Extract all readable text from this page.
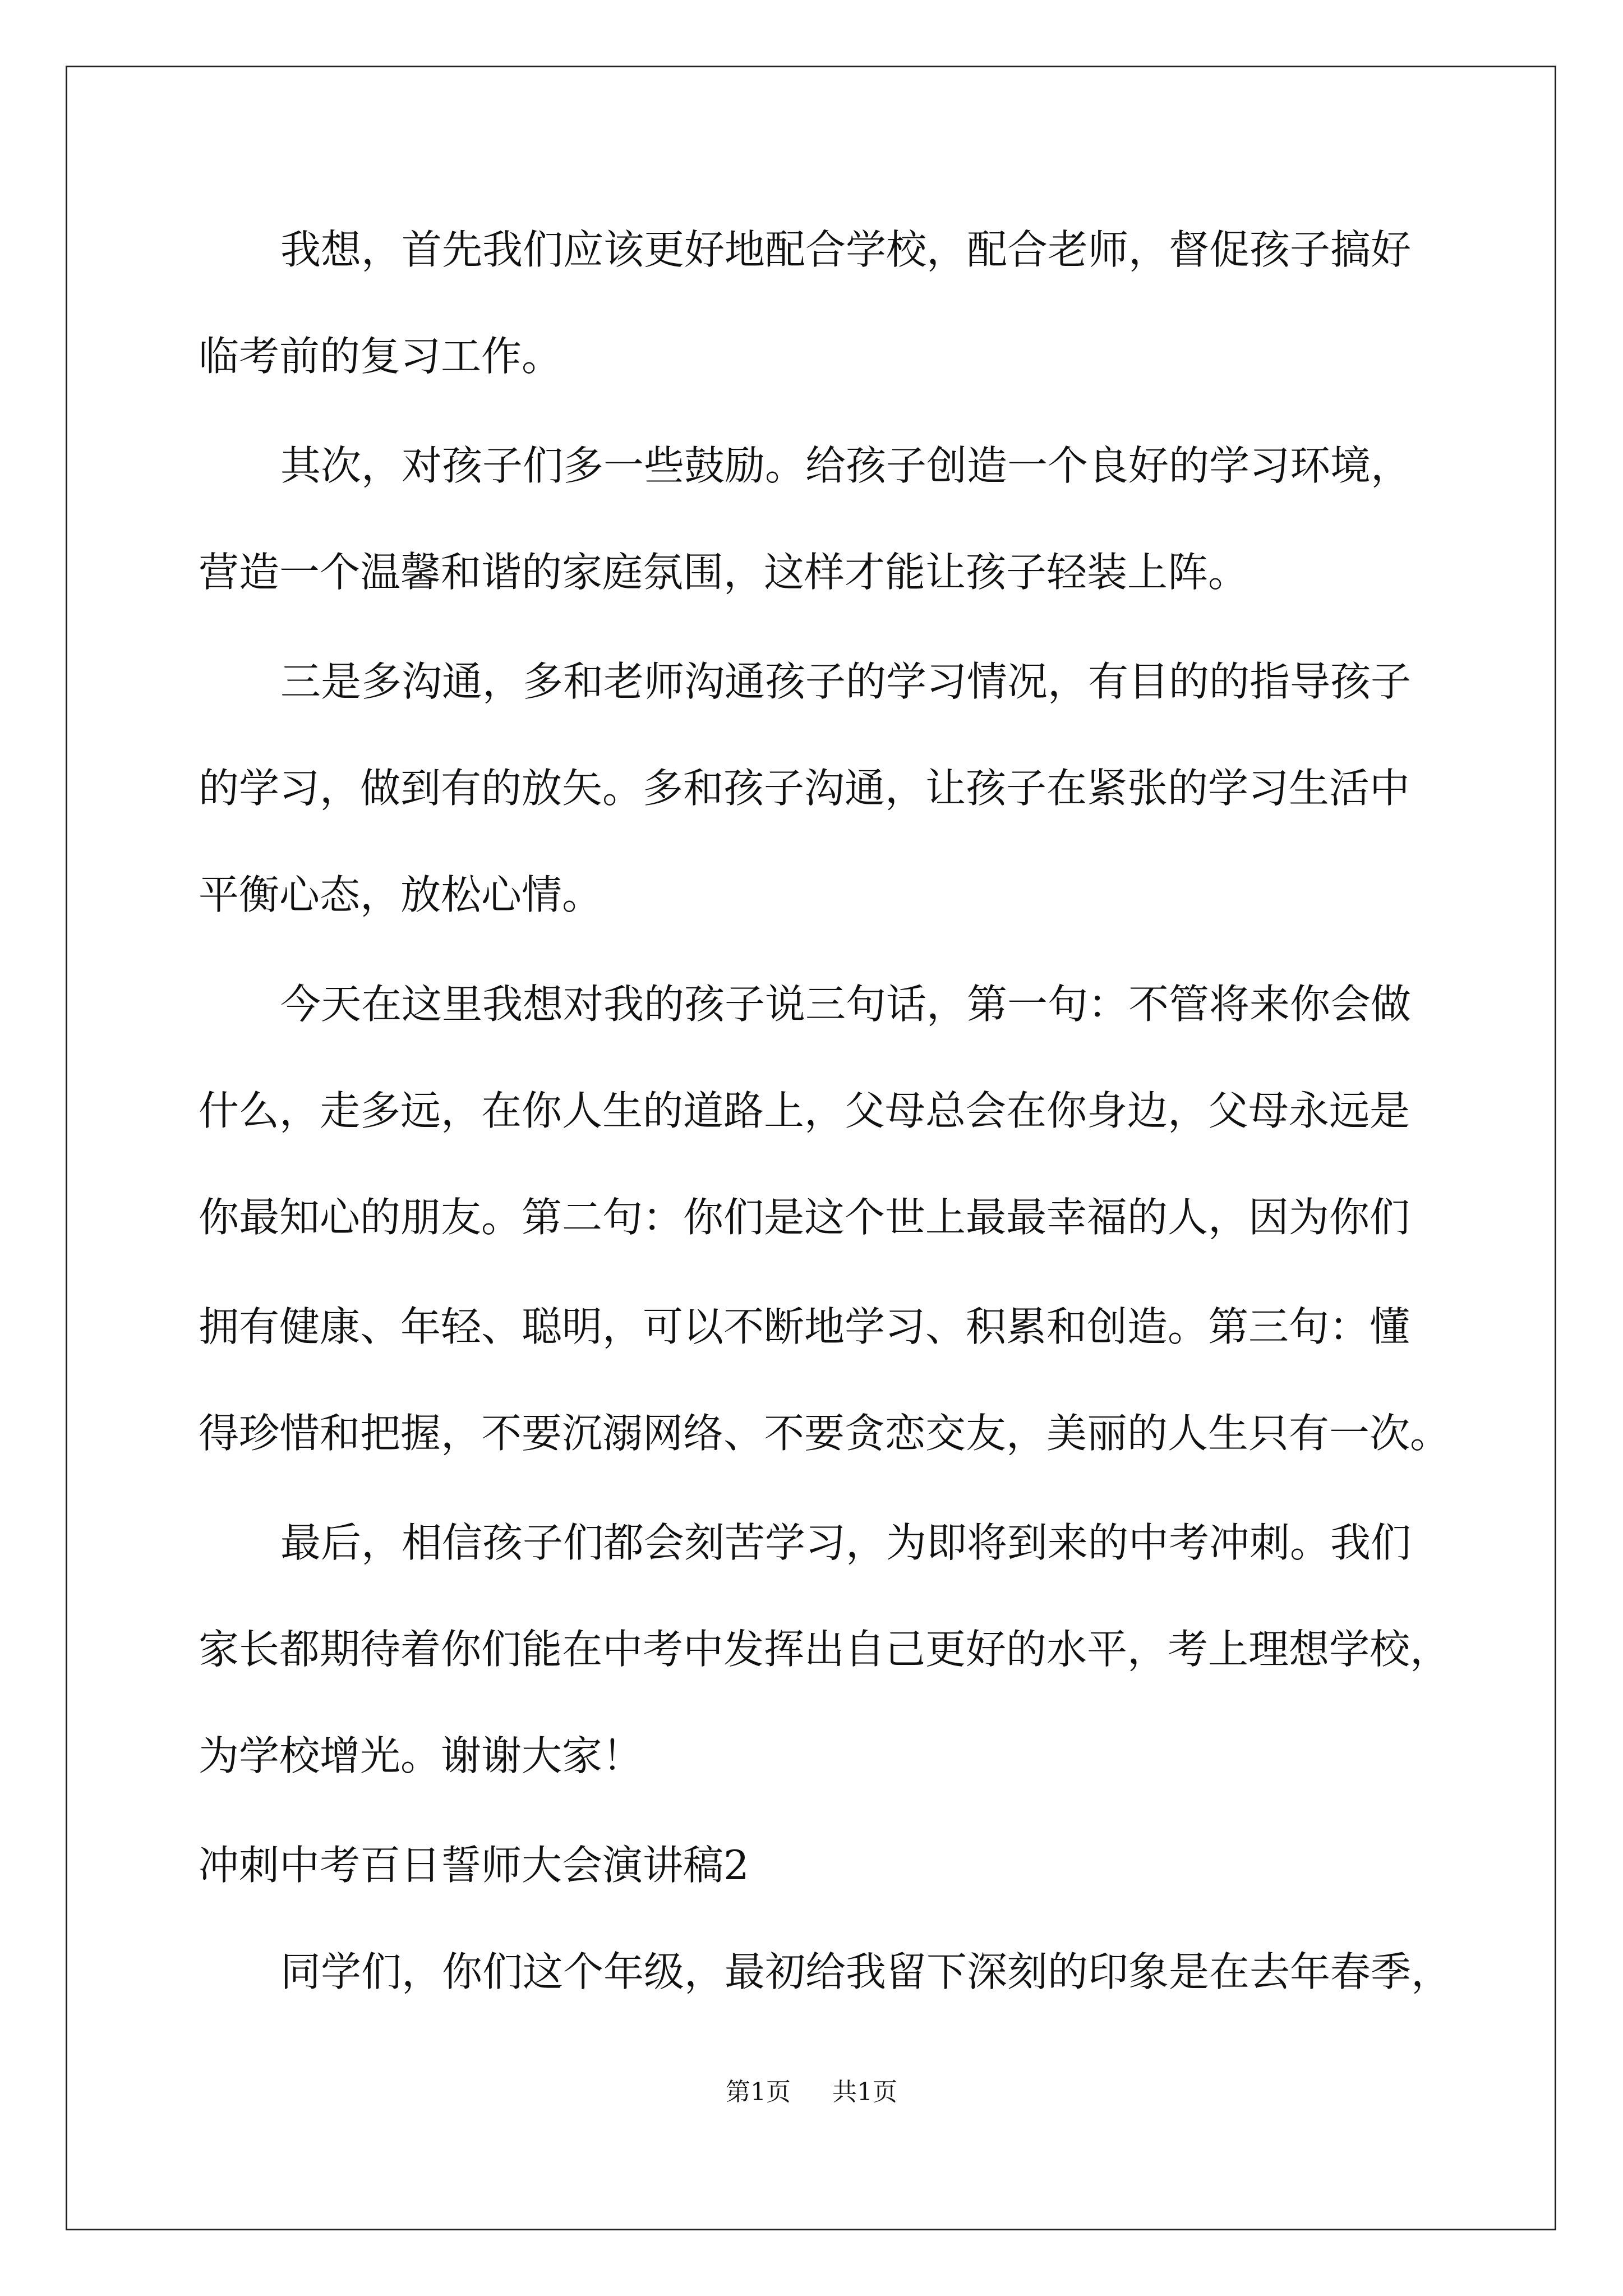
我想，首先我们应该更好地配合学校，配合老师，督促孩子搞好
临考前的复习工作。
其次，对孩子们多一些鼓励。给孩子创造一个良好的学习环境，
营造一个温馨和谐的家庭氛围，这样才能让孩子轻装上阵。
三是多沟通，多和老师沟通孩子的学习情况，有目的的指导孩子
的学习，做到有的放矢。多和孩子沟通，让孩子在紧张的学习生活中
平衡心态，放松心情。
今天在这里我想对我的孩子说三句话，第一句：不管将来你会做
什么，走多远，在你人生的道路上，父母总会在你身边，父母永远是
你最知心的朋友。第二句：你们是这个世上最最幸福的人，因为你们
拥有健康、年轻、聪明，可以不断地学习、积累和创造。第三句：懂
得珍惜和把握，不要沉溺网络、不要贪恋交友，美丽的人生只有一次。
最后，相信孩子们都会刻苦学习，为即将到来的中考冲刺。我们
家长都期待着你们能在中考中发挥出自己更好的水平，考上理想学校，
为学校增光。谢谢大家！
冲刺中考百日誓师大会演讲稿2
同学们，你们这个年级，最初给我留下深刻的印象是在去年春季，
第1页 共1页
